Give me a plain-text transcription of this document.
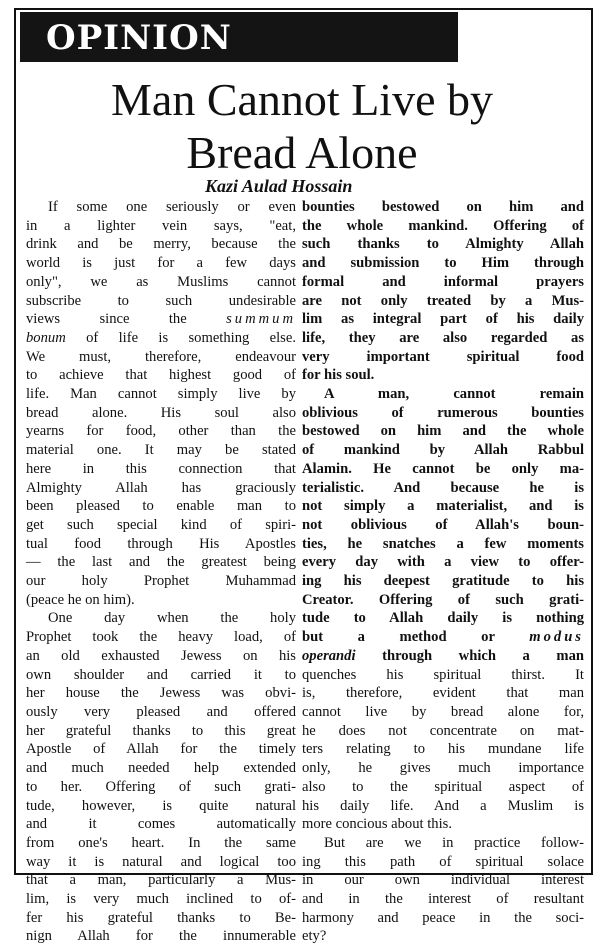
OPINION
Man Cannot Live by
Bread Alone
Kazi Aulad Hossain
If some one seriously or even
in a lighter vein says, "eat,
drink and be merry, because the
world is just for a few days
only", we as Muslims cannot
subscribe to such undesirable
views since the summum
bonum of life is something else.
We must, therefore, endeavour
to achieve that highest good of
life. Man cannot simply live by
bread alone. His soul also
yearns for food, other than the
material one. It may be stated
here in this connection that
Almighty Allah has graciously
been pleased to enable man to
get such special kind of spiri-
tual food through His Apostles
— the last and the greatest being
our holy Prophet Muhammad
(peace he on him).
One day when the holy
Prophet took the heavy load, of
an old exhausted Jewess on his
own shoulder and carried it to
her house the Jewess was obvi-
ously very pleased and offered
her grateful thanks to this great
Apostle of Allah for the timely
and much needed help extended
to her. Offering of such grati-
tude, however, is quite natural
and it comes automatically
from one's heart. In the same
way it is natural and logical too
that a man, particularly a Mus-
lim, is very much inclined to of-
fer his grateful thanks to Be-
nign Allah for the innumerable
bounties bestowed on him and
the whole mankind. Offering of
such thanks to Almighty Allah
and submission to Him through
formal and informal prayers
are not only treated by a Mus-
lim as integral part of his daily
life, they are also regarded as
very important spiritual food
for his soul.
A man, cannot remain
oblivious of rumerous bounties
bestowed on him and the whole
of mankind by Allah Rabbul
Alamin. He cannot be only ma-
terialistic. And because he is
not simply a materialist, and is
not oblivious of Allah's boun-
ties, he snatches a few moments
every day with a view to offer-
ing his deepest gratitude to his
Creator. Offering of such grati-
tude to Allah daily is nothing
but a method or modus
operandi through which a man
quenches his spiritual thirst. It
is, therefore, evident that man
cannot live by bread alone for,
he does not concentrate on mat-
ters relating to his mundane life
only, he gives much importance
also to the spiritual aspect of
his daily life. And a Muslim is
more concious about this.
But are we in practice follow-
ing this path of spiritual solace
in our own individual interest
and in the interest of resultant
harmony and peace in the soci-
ety?
